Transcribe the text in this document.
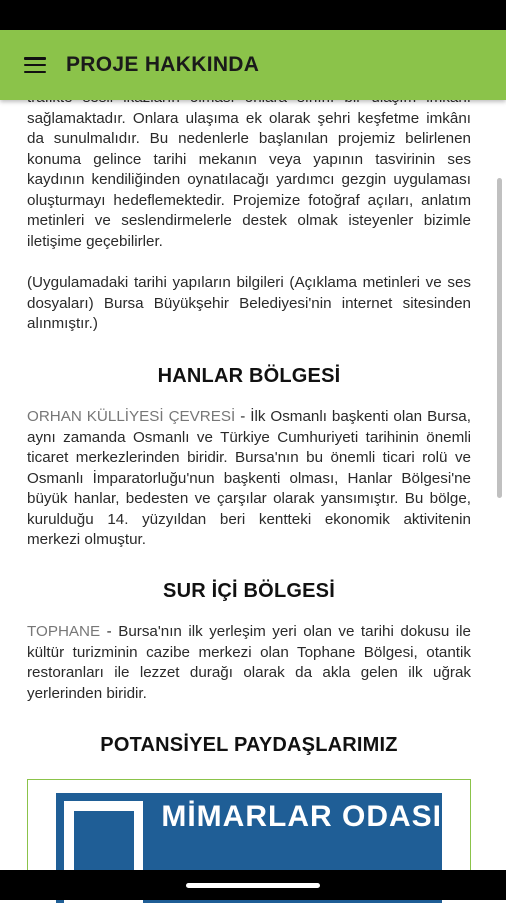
PROJE HAKKINDA

sağlamaktadır. Onlara ulaşıma ek olarak şehri keşfetme imkânı da sunulmalıdır. Bu nedenlerle başlanılan projemiz belirlenen konuma gelince tarihi mekanın veya yapının tasvirinin ses kaydının kendiliğinden oynatılacağı yardımcı gezgin uygulaması oluşturmayı hedeflemektedir. Projemize fotoğraf açıları, anlatım metinleri ve seslendirmelerle destek olmak isteyenler bizimle iletişime geçebilirler.

(Uygulamadaki tarihi yapıların bilgileri (Açıklama metinleri ve ses dosyaları) Bursa Büyükşehir Belediyesi'nin internet sitesinden alınmıştır.)

HANLAR BÖLGESİ

ORHAN KÜLLİYESİ ÇEVRESİ - İlk Osmanlı başkenti olan Bursa, aynı zamanda Osmanlı ve Türkiye Cumhuriyeti tarihinin önemli ticaret merkezlerinden biridir. Bursa'nın bu önemli ticari rolü ve Osmanlı İmparatorluğu'nun başkenti olması, Hanlar Bölgesi'ne büyük hanlar, bedesten ve çarşılar olarak yansımıştır. Bu bölge, kurulduğu 14. yüzyıldan beri kentteki ekonomik aktivitenin merkezi olmuştur.

SUR İÇİ BÖLGESİ

TOPHANE - Bursa'nın ilk yerleşim yeri olan ve tarihi dokusu ile kültür turizminin cazibe merkezi olan Tophane Bölgesi, otantik restoranları ile lezzet durağı olarak da akla gelen ilk uğrak yerlerinden biridir.

POTANSİYEL PAYDAŞLARIMIZ
MİMARLAR ODASI
